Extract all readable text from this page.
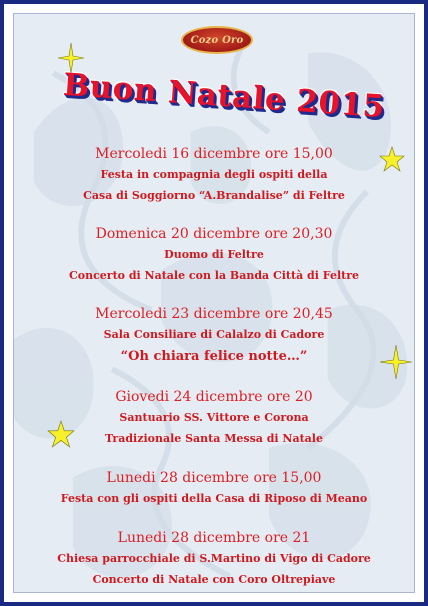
Cozo Oro
Buon Natale 2015
Mercoledi 16 dicembre ore 15,00
Festa in compagnia degli ospiti della
Casa di Soggiorno “A.Brandalise” di Feltre
Domenica 20 dicembre ore 20,30
Duomo di Feltre
Concerto di Natale con la Banda Città di Feltre
Mercoledi 23 dicembre ore 20,45
Sala Consiliare di Calalzo di Cadore
“Oh chiara felice notte…”
Giovedi 24 dicembre ore 20
Santuario SS. Vittore e Corona
Tradizionale Santa Messa di Natale
Lunedi 28 dicembre ore 15,00
Festa con gli ospiti della Casa di Riposo di Meano
Lunedi 28 dicembre ore 21
Chiesa parrocchiale di S.Martino di Vigo di Cadore
Concerto di Natale con Coro Oltrepiave
